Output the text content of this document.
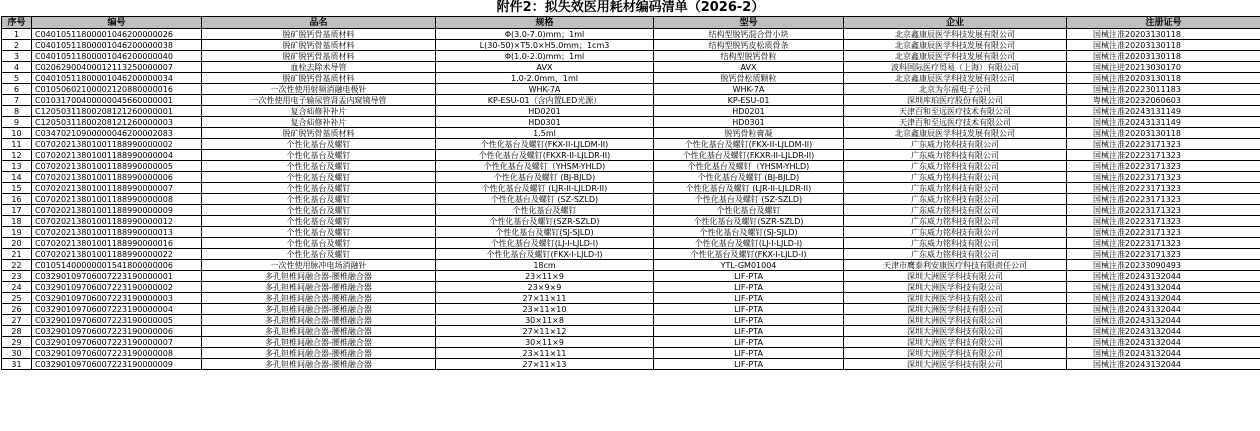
附件2：拟失效医用耗材编码清单（2026-2）
序号	编号	品名	规格	型号	企业	注册证号
1	C04010511800001046200000026	脱矿脱钙骨基质材料	Φ(3.0-7.0)mm；1ml	结构型脱钙混合骨小块	北京鑫康辰医学科技发展有限公司	国械注准20203130118
2	C04010511800001046200000038	脱矿脱钙骨基质材料	L(30-50)×T5.0×H5.0mm；1cm3	结构型脱钙皮松质骨条	北京鑫康辰医学科技发展有限公司	国械注准20203130118
3	C04010511800001046200000040	脱矿脱钙骨基质材料	Φ(1.0-2.0)mm；1ml	结构型脱钙骨粒	北京鑫康辰医学科技发展有限公司	国械注准20203130118
4	C02062900400012113250000007	血栓去除术导管	AVX	AVX	波科国际医疗贸易（上海）有限公司	国械注进20213030170
5	C04010511800001046200000034	脱矿脱钙骨基质材料	1.0-2.0mm，1ml	脱钙骨松质颗粒	北京鑫康辰医学科技发展有限公司	国械注准20203130118
6	C01050602100002120880000016	一次性使用射频消融电极针	WHK-7A	WHK-7A	北京为尔福电子公司	国械注准20223011183
7	C01031700400000045660000001	一次性使用电子输尿管肾盂内窥镜导管	KP-ESU-01（含内置LED光源）	KP-ESU-01	深圳库珀医疗股份有限公司	粤械注准20232060603
8	C12050311800208121260000001	复合疝修补补片	HD0201	HD0201	天津百和至远医疗技术有限公司	国械注准20243131149
9	C12050311800208121260000003	复合疝修补补片	HD0301	HD0301	天津百和至远医疗技术有限公司	国械注准20243131149
10	C03470210900000046200002083	脱矿脱钙骨基质材料	1.5ml	脱钙骨粒膏凝	北京鑫康辰医学科技发展有限公司	国械注准20203130118
11	C07020213801001188990000002	个性化基台及螺钉	个性化基台及螺钉(FKX-II-LJLDM-II)	个性化基台及螺钉(FKX-II-LJLDM-II)	广东威力铭科技有限公司	国械注准20223171323
12	C07020213801001188990000004	个性化基台及螺钉	个性化基台及螺钉(FKXR-II-LJLDR-II)	个性化基台及螺钉(FKXR-II-LJLDR-II)	广东威力铭科技有限公司	国械注准20223171323
13	C07020213801001188990000005	个性化基台及螺钉	个性化基台及螺钉（YHSM-YHLD)	个性化基台及螺钉（YHSM-YHLD)	广东威力铭科技有限公司	国械注准20223171323
14	C07020213801001188990000006	个性化基台及螺钉	个性化基台及螺钉 (BJ-BJLD)	个性化基台及螺钉 (BJ-BJLD)	广东威力铭科技有限公司	国械注准20223171323
15	C07020213801001188990000007	个性化基台及螺钉	个性化基台及螺钉 (LJR-II-LJLDR-II)	个性化基台及螺钉 (LJR-II-LJLDR-II)	广东威力铭科技有限公司	国械注准20223171323
16	C07020213801001188990000008	个性化基台及螺钉	个性化基台及螺钉 (SZ-SZLD)	个性化基台及螺钉 (SZ-SZLD)	广东威力铭科技有限公司	国械注准20223171323
17	C07020213801001188990000009	个性化基台及螺钉	个性化基台及螺钉	个性化基台及螺钉	广东威力铭科技有限公司	国械注准20223171323
18	C07020213801001188990000012	个性化基台及螺钉	个性化基台及螺钉(SZR-SZLD)	个性化基台及螺钉(SZR-SZLD)	广东威力铭科技有限公司	国械注准20223171323
19	C07020213801001188990000013	个性化基台及螺钉	个性化基台及螺钉(SJ-SJLD)	个性化基台及螺钉(SJ-SJLD)	广东威力铭科技有限公司	国械注准20223171323
20	C07020213801001188990000016	个性化基台及螺钉	个性化基台及螺钉(LJ-I-LJLD-I)	个性化基台及螺钉(LJ-I-LJLD-I)	广东威力铭科技有限公司	国械注准20223171323
21	C07020213801001188990000022	个性化基台及螺钉	个性化基台及螺钉(FKX-I-LJLD-I)	个性化基台及螺钉(FKX-I-LJLD-I)	广东威力铭科技有限公司	国械注准20223171323
22	C01051400000001541800000006	一次性使用脉冲电场消融针	18cm	YTL-GM01004	天津市鹰泰利安康医疗科技有限责任公司	国械注准20233090493
23	C03290109706007223190000001	多孔钽椎间融合器-腰椎融合器	23×11×9	LIF-PTA	深圳大洲医学科技有限公司	国械注准20243132044
24	C03290109706007223190000002	多孔钽椎间融合器-腰椎融合器	23×9×9	LIF-PTA	深圳大洲医学科技有限公司	国械注准20243132044
25	C03290109706007223190000003	多孔钽椎间融合器-腰椎融合器	27×11×11	LIF-PTA	深圳大洲医学科技有限公司	国械注准20243132044
26	C03290109706007223190000004	多孔钽椎间融合器-腰椎融合器	23×11×10	LIF-PTA	深圳大洲医学科技有限公司	国械注准20243132044
27	C03290109706007223190000005	多孔钽椎间融合器-腰椎融合器	30×11×8	LIF-PTA	深圳大洲医学科技有限公司	国械注准20243132044
28	C03290109706007223190000006	多孔钽椎间融合器-腰椎融合器	27×11×12	LIF-PTA	深圳大洲医学科技有限公司	国械注准20243132044
29	C03290109706007223190000007	多孔钽椎间融合器-腰椎融合器	30×11×9	LIF-PTA	深圳大洲医学科技有限公司	国械注准20243132044
30	C03290109706007223190000008	多孔钽椎间融合器-腰椎融合器	23×11×11	LIF-PTA	深圳大洲医学科技有限公司	国械注准20243132044
31	C03290109706007223190000009	多孔钽椎间融合器-腰椎融合器	27×11×13	LIF-PTA	深圳大洲医学科技有限公司	国械注准20243132044
